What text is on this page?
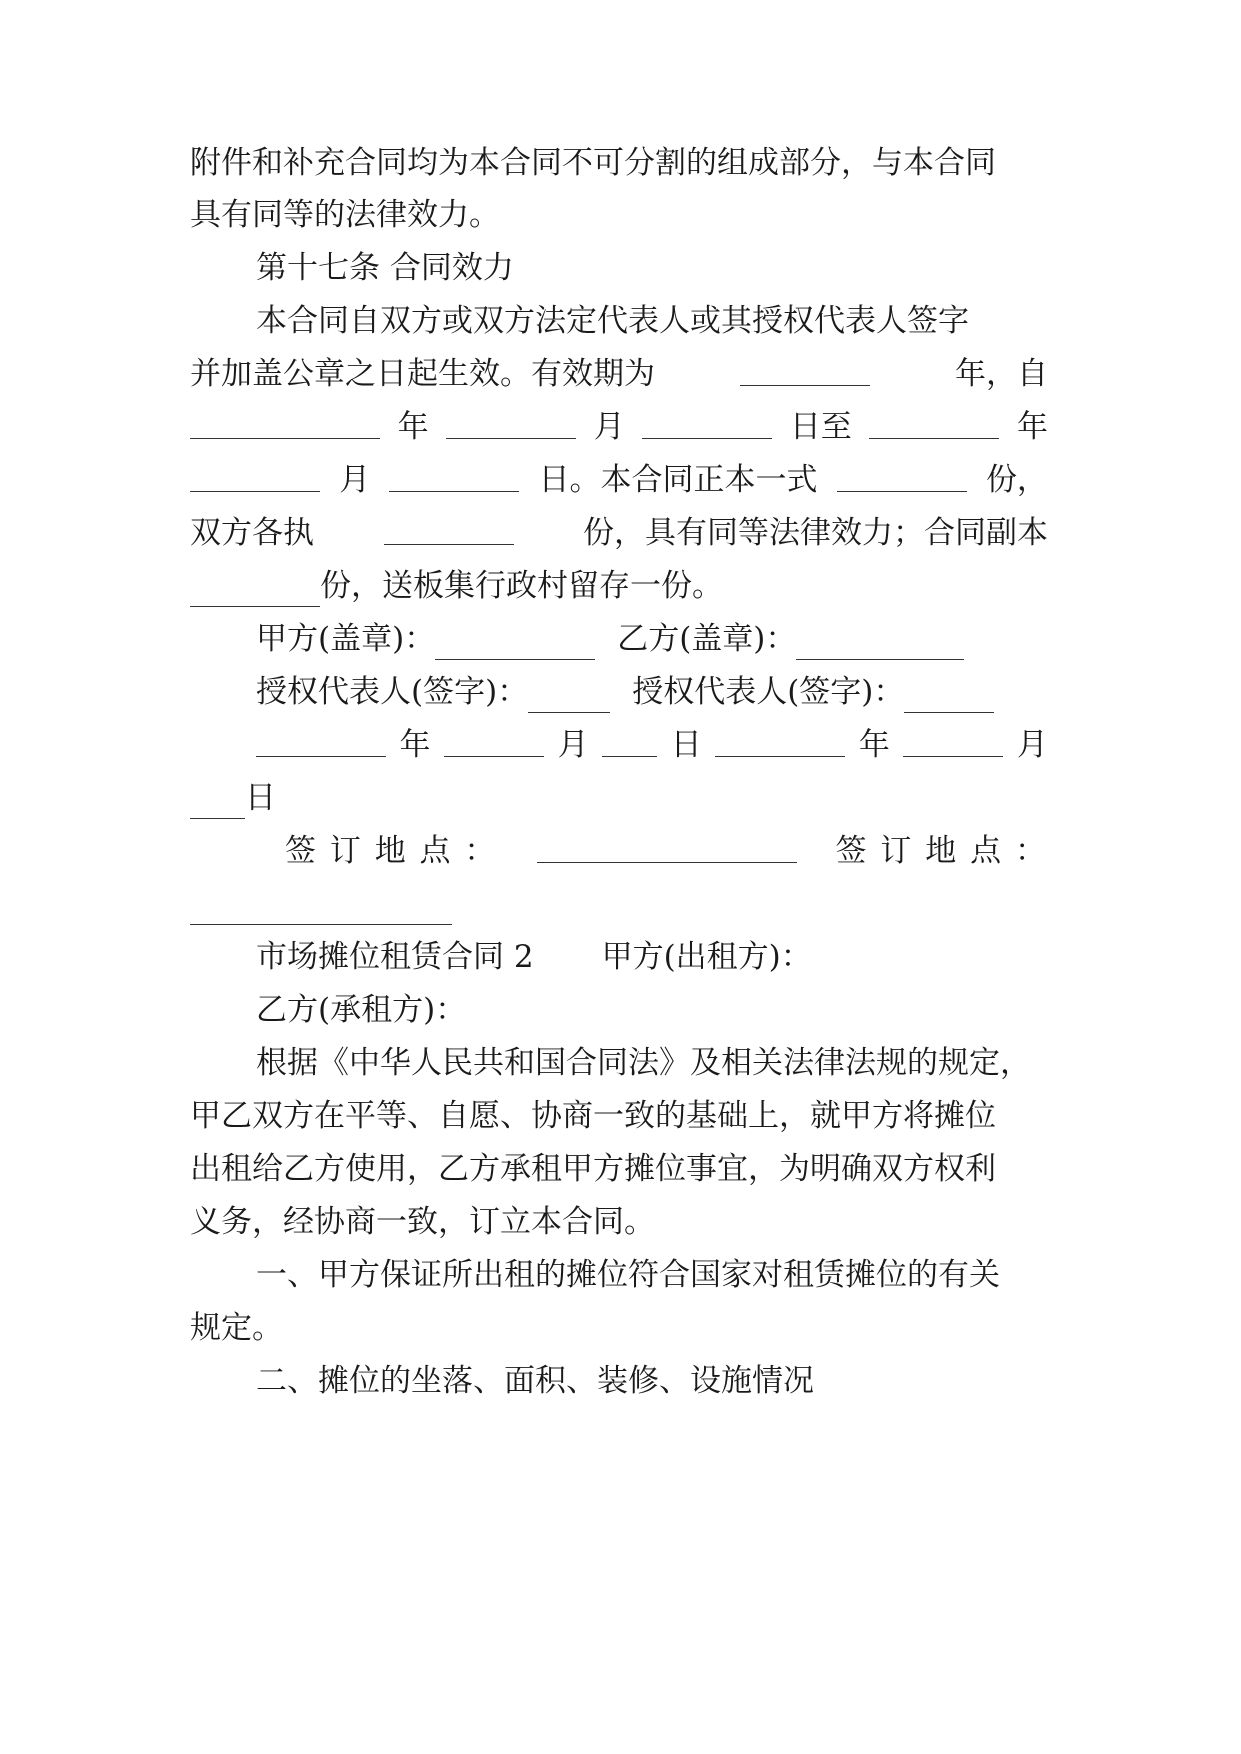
附件和补充合同均为本合同不可分割的组成部分，与本合同
具有同等的法律效力。
第十七条 合同效力
本合同自双方或双方法定代表人或其授权代表人签字
并加盖公章之日起生效。有效期为	年，自
年	月	日至	年
月	日。本合同正本一式	份，
双方各执	份，具有同等法律效力；合同副本
份，送板集行政村留存一份。
甲方(盖章)：	乙方(盖章)：
授权代表人(签字)：	授权代表人(签字)：
年	月	日	年	月
日
签 订 地 点 ：	签 订 地 点 ：
市场摊位租赁合同 2 甲方(出租方)：
乙方(承租方)：
根据《中华人民共和国合同法》及相关法律法规的规定，
甲乙双方在平等、自愿、协商一致的基础上，就甲方将摊位
出租给乙方使用，乙方承租甲方摊位事宜，为明确双方权利
义务，经协商一致，订立本合同。
一、甲方保证所出租的摊位符合国家对租赁摊位的有关
规定。
二、摊位的坐落、面积、装修、设施情况
